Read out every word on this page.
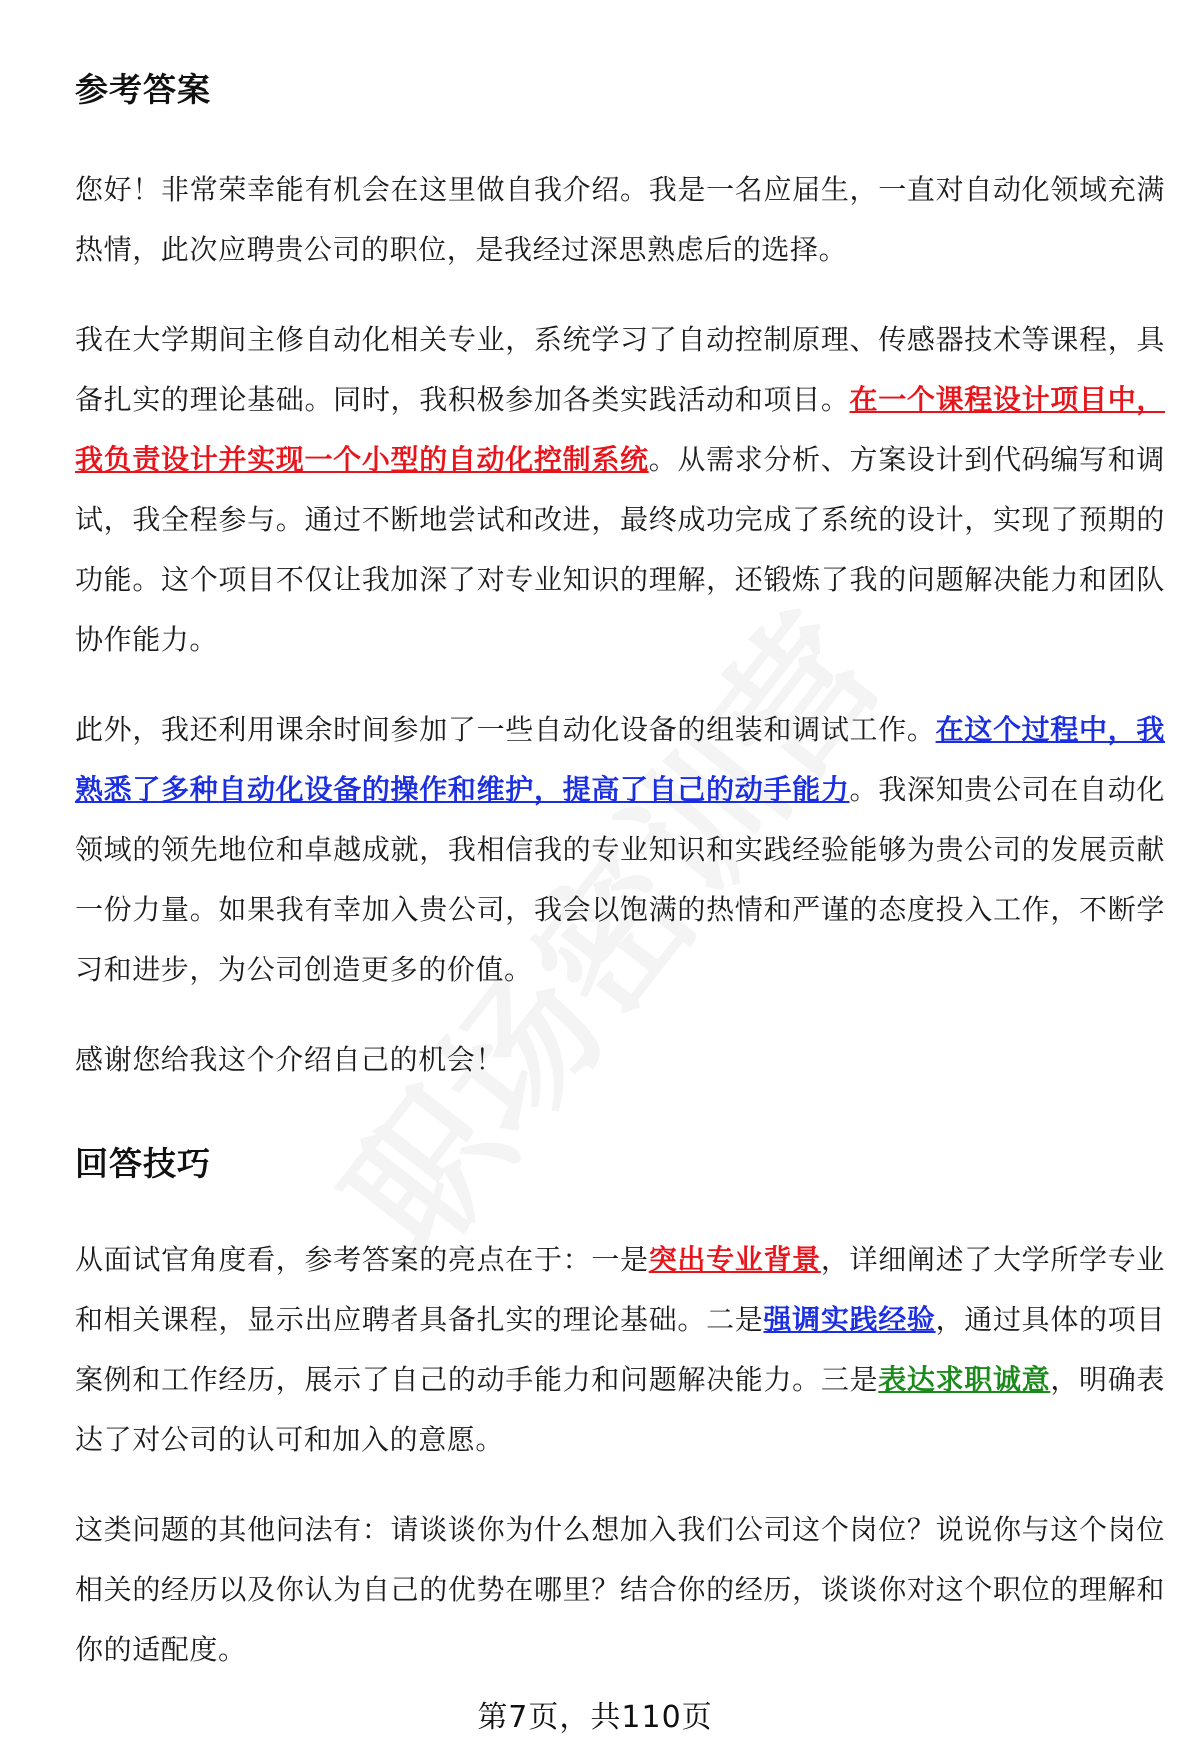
参考答案

您好！非常荣幸能有机会在这里做自我介绍。我是一名应届生，一直对自动化领域充满热情，此次应聘贵公司的职位，是我经过深思熟虑后的选择。

我在大学期间主修自动化相关专业，系统学习了自动控制原理、传感器技术等课程，具备扎实的理论基础。同时，我积极参加各类实践活动和项目。在一个课程设计项目中，我负责设计并实现一个小型的自动化控制系统。从需求分析、方案设计到代码编写和调试，我全程参与。通过不断地尝试和改进，最终成功完成了系统的设计，实现了预期的功能。这个项目不仅让我加深了对专业知识的理解，还锻炼了我的问题解决能力和团队协作能力。

此外，我还利用课余时间参加了一些自动化设备的组装和调试工作。在这个过程中，我熟悉了多种自动化设备的操作和维护，提高了自己的动手能力。我深知贵公司在自动化领域的领先地位和卓越成就，我相信我的专业知识和实践经验能够为贵公司的发展贡献一份力量。如果我有幸加入贵公司，我会以饱满的热情和严谨的态度投入工作，不断学习和进步，为公司创造更多的价值。

感谢您给我这个介绍自己的机会！

回答技巧

从面试官角度看，参考答案的亮点在于：一是突出专业背景，详细阐述了大学所学专业和相关课程，显示出应聘者具备扎实的理论基础。二是强调实践经验，通过具体的项目案例和工作经历，展示了自己的动手能力和问题解决能力。三是表达求职诚意，明确表达了对公司的认可和加入的意愿。

这类问题的其他问法有：请谈谈你为什么想加入我们公司这个岗位？说说你与这个岗位相关的经历以及你认为自己的优势在哪里？结合你的经历，谈谈你对这个职位的理解和你的适配度。

第7页，共110页
